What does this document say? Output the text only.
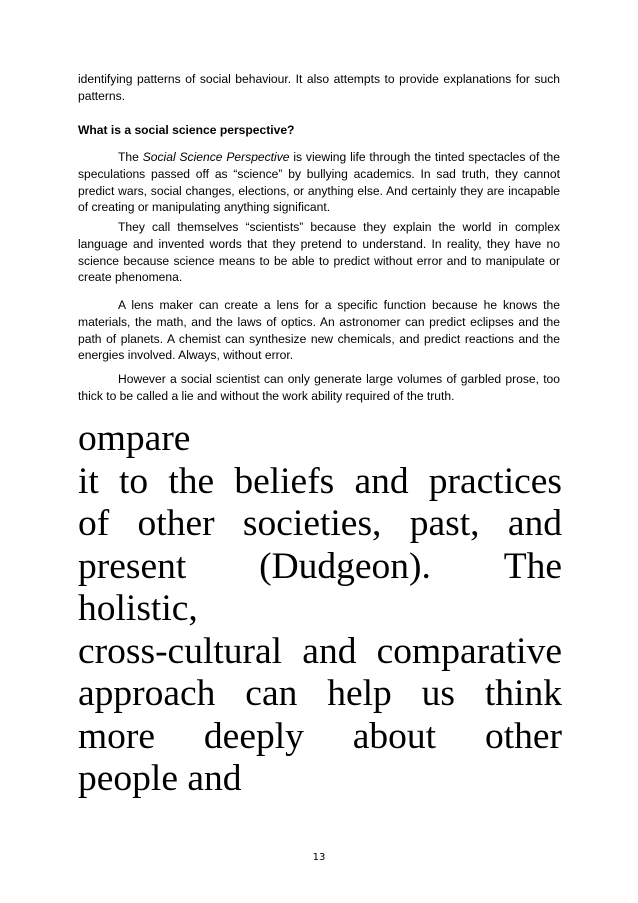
identifying patterns of social behaviour. It also attempts to provide explanations for such patterns.

What is a social science perspective?

The Social Science Perspective is viewing life through the tinted spectacles of the speculations passed off as “science” by bullying academics. In sad truth, they cannot predict wars, social changes, elections, or anything else. And certainly they are incapable of creating or manipulating anything significant.

They call themselves “scientists” because they explain the world in complex language and invented words that they pretend to understand. In reality, they have no science because science means to be able to predict without error and to manipulate or create phenomena.

A lens maker can create a lens for a specific function because he knows the materials, the math, and the laws of optics. An astronomer can predict eclipses and the path of planets. A chemist can synthesize new chemicals, and predict reactions and the energies involved. Always, without error.

However a social scientist can only generate large volumes of garbled prose, too thick to be called a lie and without the work ability required of the truth.

ompare
it to the beliefs and practices
of other societies, past, and
present (Dudgeon). The
holistic,
cross-cultural and comparative
approach can help us think
more deeply about other
people and
13
